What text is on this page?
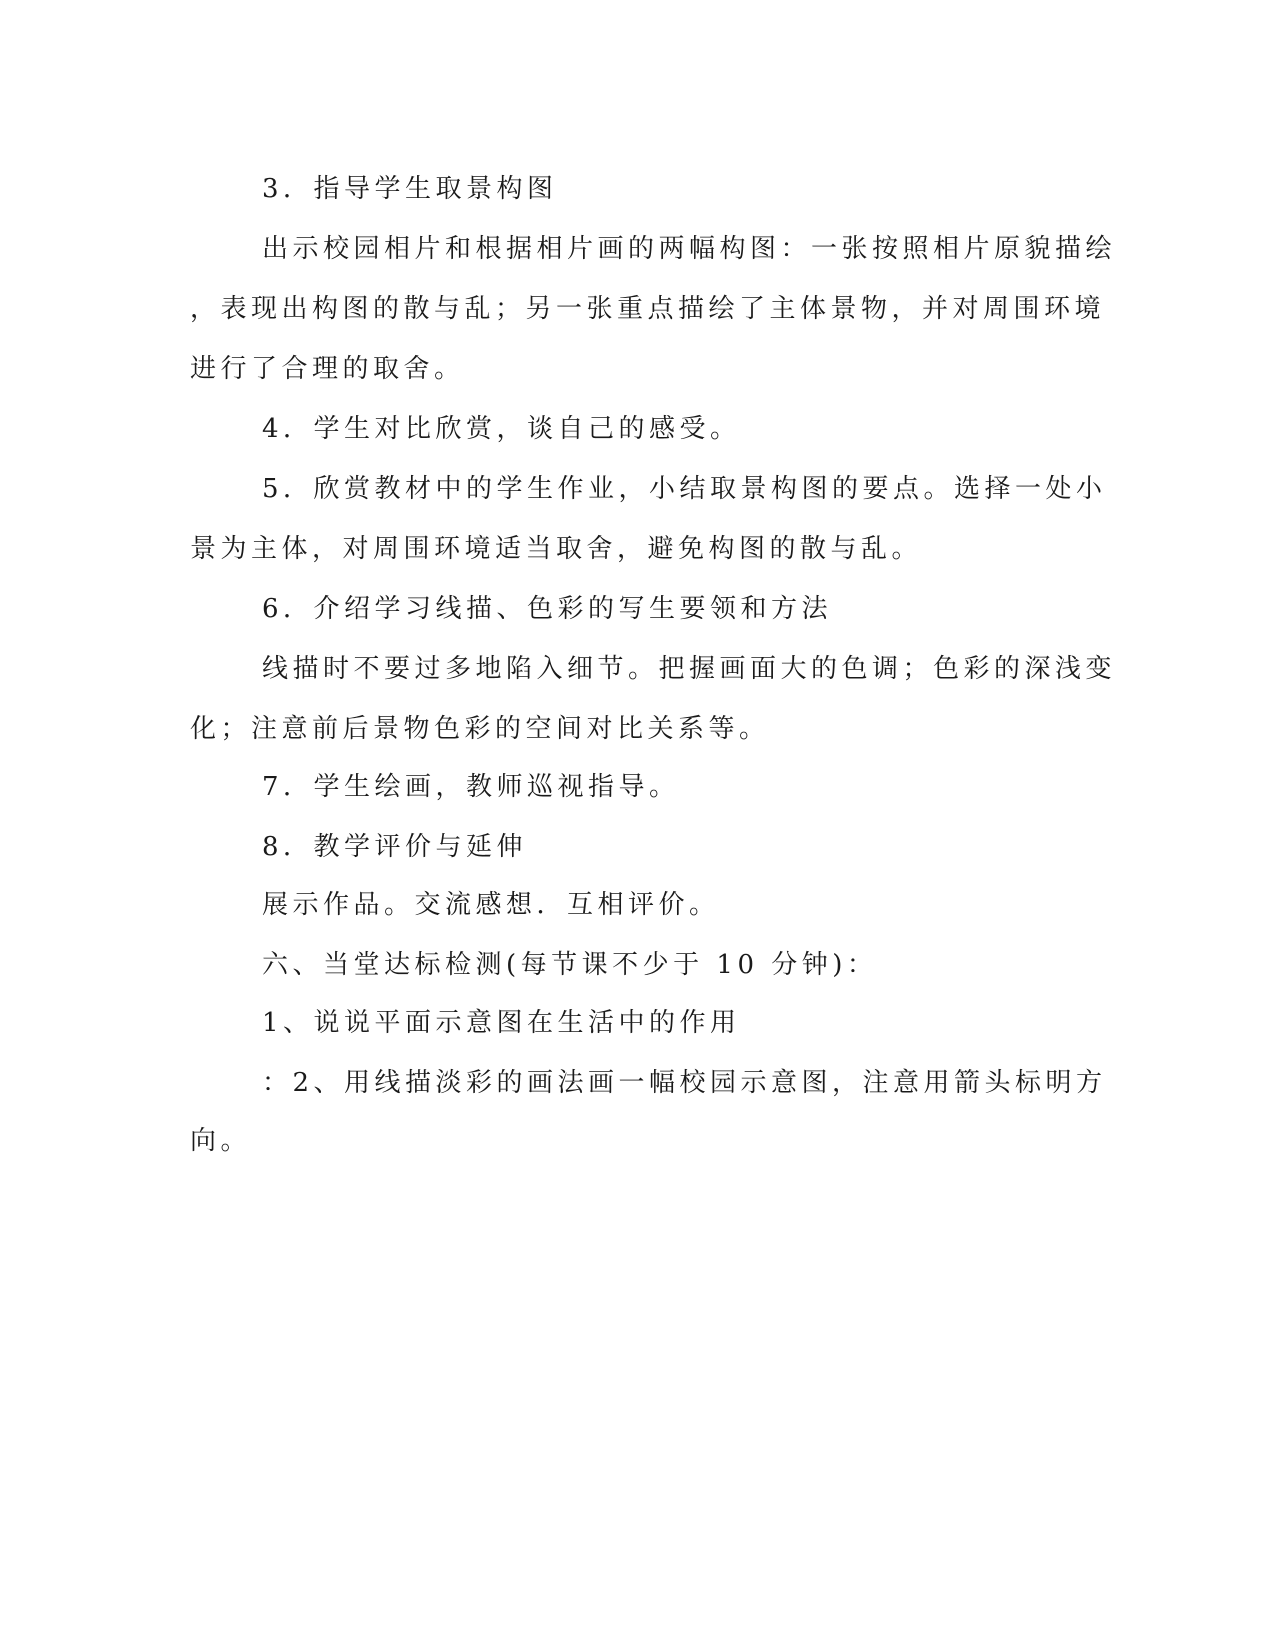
3．指导学生取景构图
出示校园相片和根据相片画的两幅构图：一张按照相片原貌描绘
，表现出构图的散与乱；另一张重点描绘了主体景物，并对周围环境
进行了合理的取舍。
4．学生对比欣赏，谈自己的感受。
5．欣赏教材中的学生作业，小结取景构图的要点。选择一处小
景为主体，对周围环境适当取舍，避免构图的散与乱。
6．介绍学习线描、色彩的写生要领和方法
线描时不要过多地陷入细节。把握画面大的色调；色彩的深浅变
化；注意前后景物色彩的空间对比关系等。
7．学生绘画，教师巡视指导。
8．教学评价与延伸
展示作品。交流感想．互相评价。
六、当堂达标检测(每节课不少于 10 分钟)：
1、说说平面示意图在生活中的作用
：2、用线描淡彩的画法画一幅校园示意图，注意用箭头标明方
向。
